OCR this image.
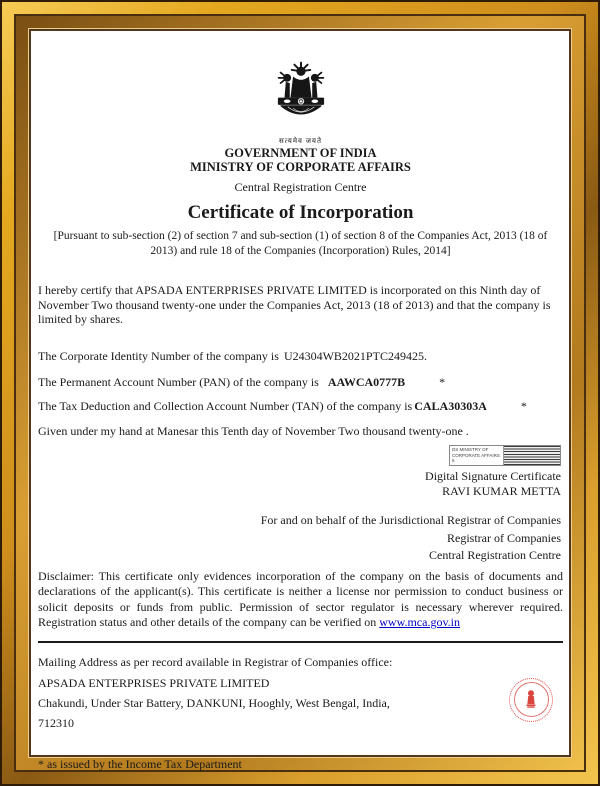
सत्यमेव जयते
GOVERNMENT OF INDIA
MINISTRY OF CORPORATE AFFAIRS
Central Registration Centre
Certificate of Incorporation
[Pursuant to sub-section (2) of section 7 and sub-section (1) of section 8 of the Companies Act, 2013 (18 of 2013) and rule 18 of the Companies (Incorporation) Rules, 2014]

I hereby certify that APSADA ENTERPRISES PRIVATE LIMITED is incorporated on this Ninth day of November Two thousand twenty-one under the Companies Act, 2013 (18 of 2013) and that the company is limited by shares.

The Corporate Identity Number of the company is U24304WB2021PTC249425.

The Permanent Account Number (PAN) of the company is AAWCA0777B	*

The Tax Deduction and Collection Account Number (TAN) of the company is CALA30303A	*

Given under my hand at Manesar this Tenth day of November Two thousand twenty-one .

DS MINISTRY OF CORPORATE AFFAIRS 6
Digital Signature Certificate
RAVI KUMAR METTA
For and on behalf of the Jurisdictional Registrar of Companies
Registrar of Companies
Central Registration Centre

Disclaimer: This certificate only evidences incorporation of the company on the basis of documents and declarations of the applicant(s). This certificate is neither a license nor permission to conduct business or solicit deposits or funds from public. Permission of sector regulator is necessary wherever required. Registration status and other details of the company can be verified on www.mca.gov.in

Mailing Address as per record available in Registrar of Companies office:

APSADA ENTERPRISES PRIVATE LIMITED

Chakundi, Under Star Battery, DANKUNI, Hooghly, West Bengal, India,

712310

* as issued by the Income Tax Department
